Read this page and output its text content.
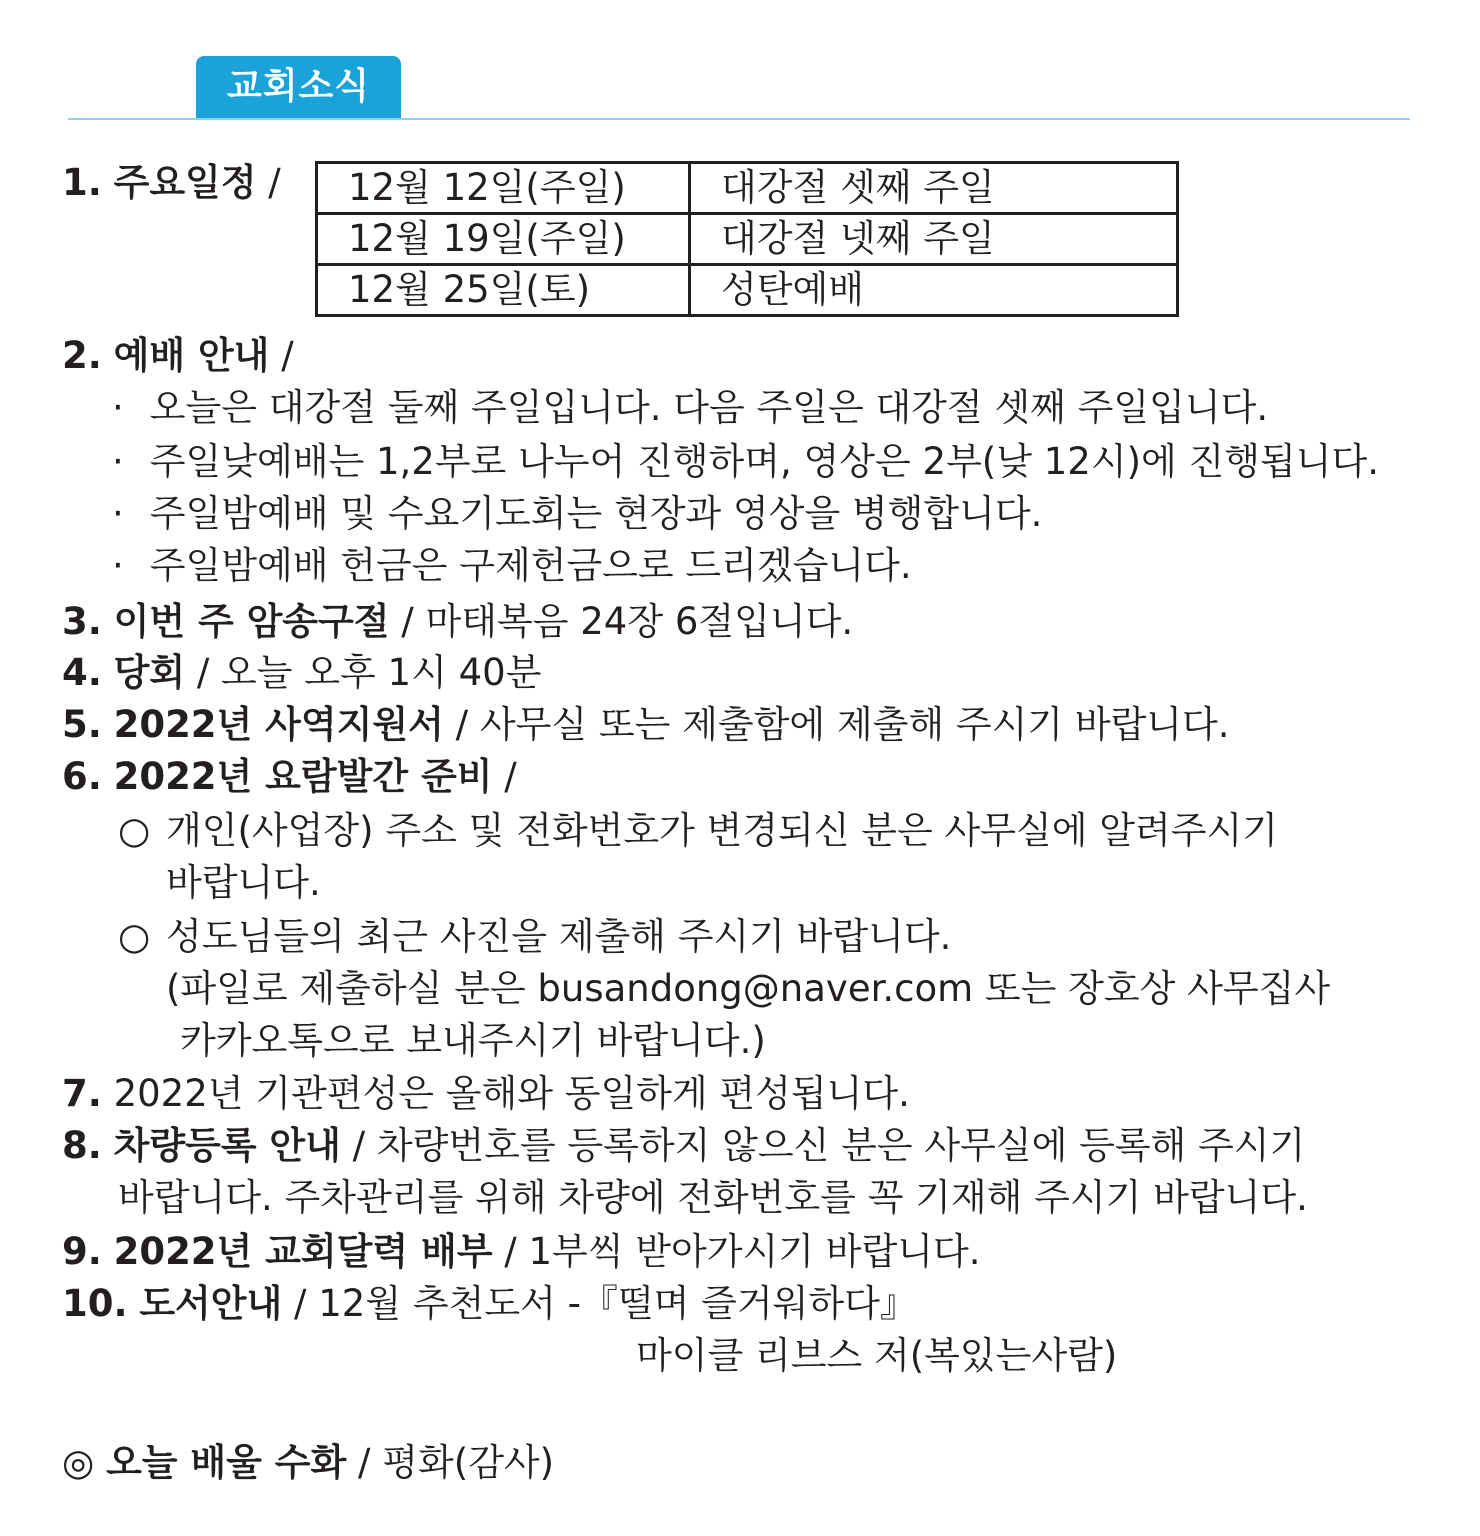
교회소식
1. 주요일정 / 12월 12일(주일)	대강절 셋째 주일
12월 19일(주일)	대강절 넷째 주일
12월 25일(토)	성탄예배
2. 예배 안내 /
· 오늘은 대강절 둘째 주일입니다. 다음 주일은 대강절 셋째 주일입니다.
· 주일낮예배는 1,2부로 나누어 진행하며, 영상은 2부(낮 12시)에 진행됩니다.
· 주일밤예배 및 수요기도회는 현장과 영상을 병행합니다.
· 주일밤예배 헌금은 구제헌금으로 드리겠습니다.
3. 이번 주 암송구절 / 마태복음 24장 6절입니다.
4. 당회 / 오늘 오후 1시 40분
5. 2022년 사역지원서 / 사무실 또는 제출함에 제출해 주시기 바랍니다.
6. 2022년 요람발간 준비 /
○ 개인(사업장) 주소 및 전화번호가 변경되신 분은 사무실에 알려주시기
바랍니다.
○ 성도님들의 최근 사진을 제출해 주시기 바랍니다.
(파일로 제출하실 분은 busandong@naver.com 또는 장호상 사무집사
카카오톡으로 보내주시기 바랍니다.)
7. 2022년 기관편성은 올해와 동일하게 편성됩니다.
8. 차량등록 안내 / 차량번호를 등록하지 않으신 분은 사무실에 등록해 주시기
바랍니다. 주차관리를 위해 차량에 전화번호를 꼭 기재해 주시기 바랍니다.
9. 2022년 교회달력 배부 / 1부씩 받아가시기 바랍니다.
10. 도서안내 / 12월 추천도서 -『떨며 즐거워하다』
마이클 리브스 저(복있는사람)
◎ 오늘 배울 수화 / 평화(감사)
